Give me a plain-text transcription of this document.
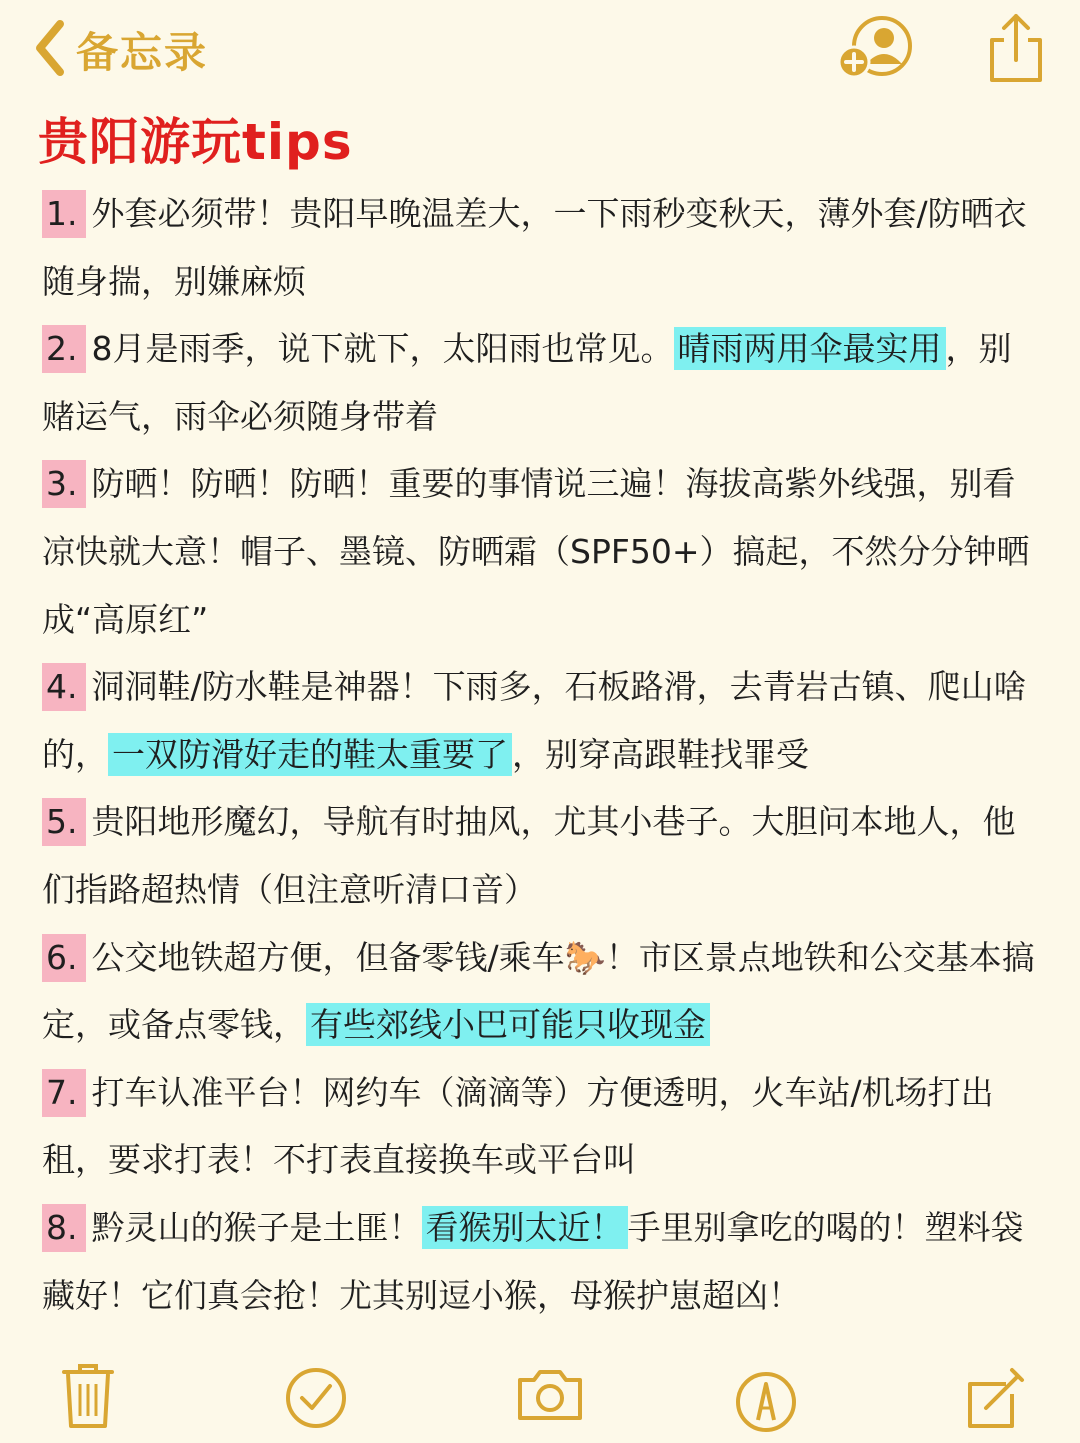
备忘录
贵阳游玩tips

1. 外套必须带！贵阳早晚温差大，一下雨秒变秋天，薄外套/防晒衣随身揣，别嫌麻烦

2. 8月是雨季，说下就下，太阳雨也常见。 晴雨两用伞最实用 ，别赌运气，雨伞必须随身带着

3. 防晒！防晒！防晒！重要的事情说三遍！海拔高紫外线强，别看凉快就大意！帽子、墨镜、防晒霜（SPF50+）搞起，不然分分钟晒成“高原红”

4. 洞洞鞋/防水鞋是神器！下雨多，石板路滑，去青岩古镇、爬山啥的， 一双防滑好走的鞋太重要了 ，别穿高跟鞋找罪受

5. 贵阳地形魔幻，导航有时抽风，尤其小巷子。大胆问本地人，他们指路超热情（但注意听清口音）

6. 公交地铁超方便，但备零钱/乘车🐎！市区景点地铁和公交基本搞定，或备点零钱， 有些郊线小巴可能只收现金

7. 打车认准平台！网约车（滴滴等）方便透明，火车站/机场打出租，要求打表！不打表直接换车或平台叫

8. 黔灵山的猴子是土匪！ 看猴别太近！ 手里别拿吃的喝的！塑料袋藏好！它们真会抢！尤其别逗小猴，母猴护崽超凶！
